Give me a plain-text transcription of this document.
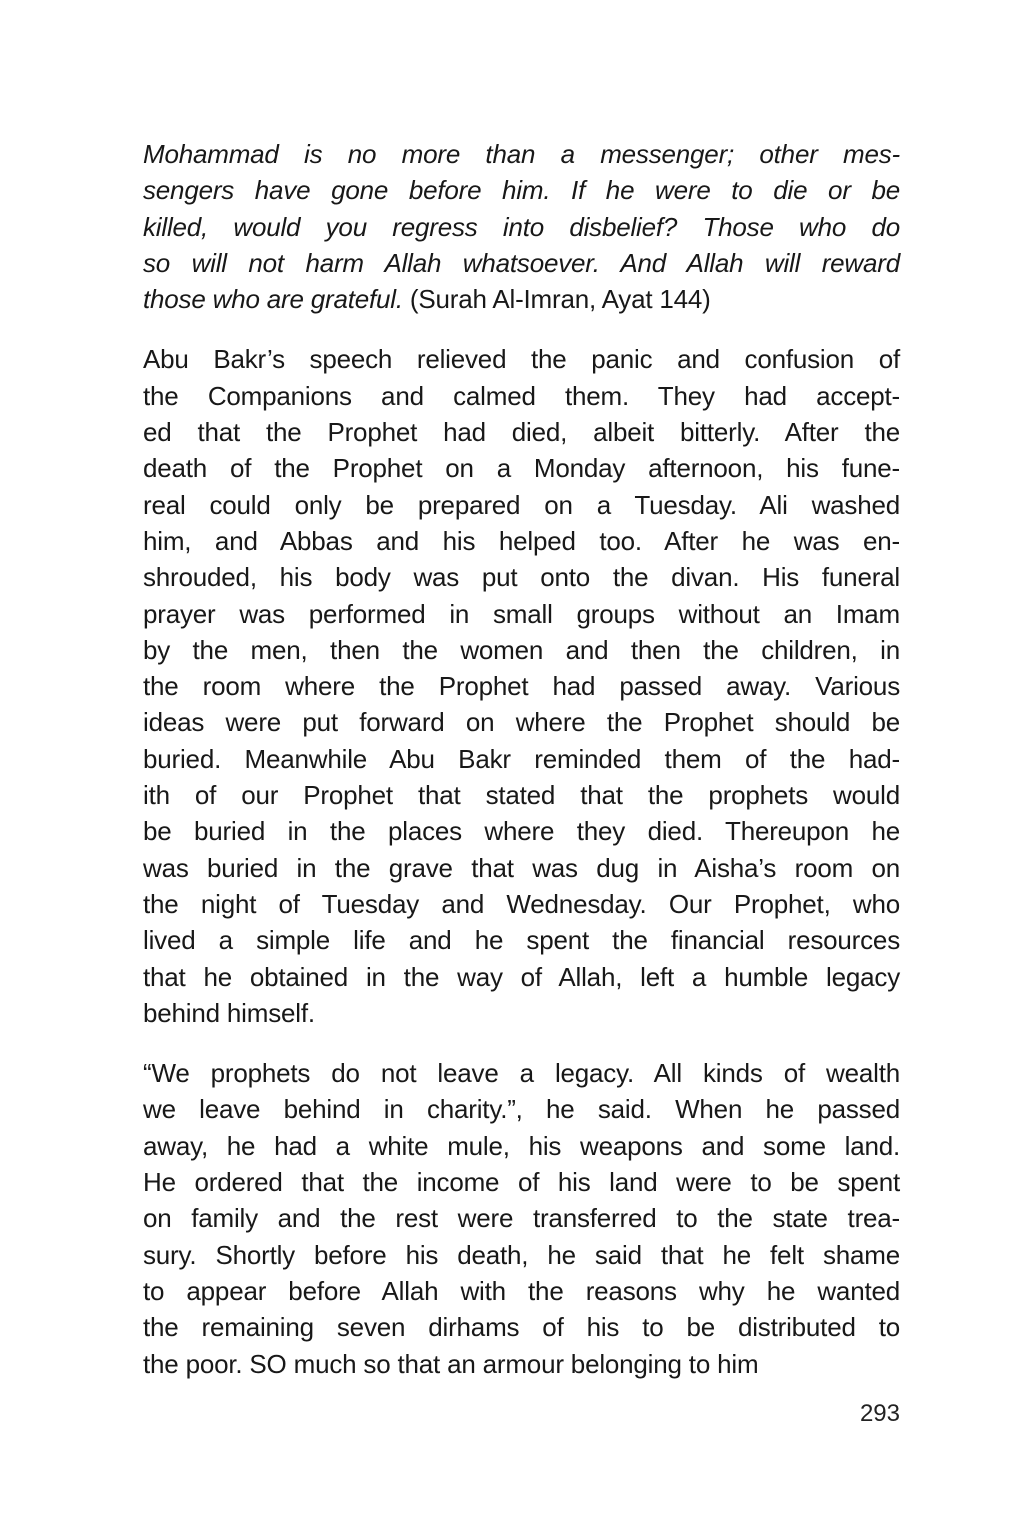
Mohammad is no more than a messenger; other mes-
sengers have gone before him. If he were to die or be
killed, would you regress into disbelief? Those who do
so will not harm Allah whatsoever. And Allah will reward
those who are grateful. (Surah Al-Imran, Ayat 144)
Abu Bakr’s speech relieved the panic and confusion of
the Companions and calmed them. They had accept-
ed that the Prophet had died, albeit bitterly. After the
death of the Prophet on a Monday afternoon, his fune-
real could only be prepared on a Tuesday. Ali washed
him, and Abbas and his helped too. After he was en-
shrouded, his body was put onto the divan. His funeral
prayer was performed in small groups without an Imam
by the men, then the women and then the children, in
the room where the Prophet had passed away. Various
ideas were put forward on where the Prophet should be
buried. Meanwhile Abu Bakr reminded them of the had-
ith of our Prophet that stated that the prophets would
be buried in the places where they died. Thereupon he
was buried in the grave that was dug in Aisha’s room on
the night of Tuesday and Wednesday. Our Prophet, who
lived a simple life and he spent the financial resources
that he obtained in the way of Allah, left a humble legacy
behind himself.
“We prophets do not leave a legacy. All kinds of wealth
we leave behind in charity.”, he said. When he passed
away, he had a white mule, his weapons and some land.
He ordered that the income of his land were to be spent
on family and the rest were transferred to the state trea-
sury. Shortly before his death, he said that he felt shame
to appear before Allah with the reasons why he wanted
the remaining seven dirhams of his to be distributed to
the poor. SO much so that an armour belonging to him
293
